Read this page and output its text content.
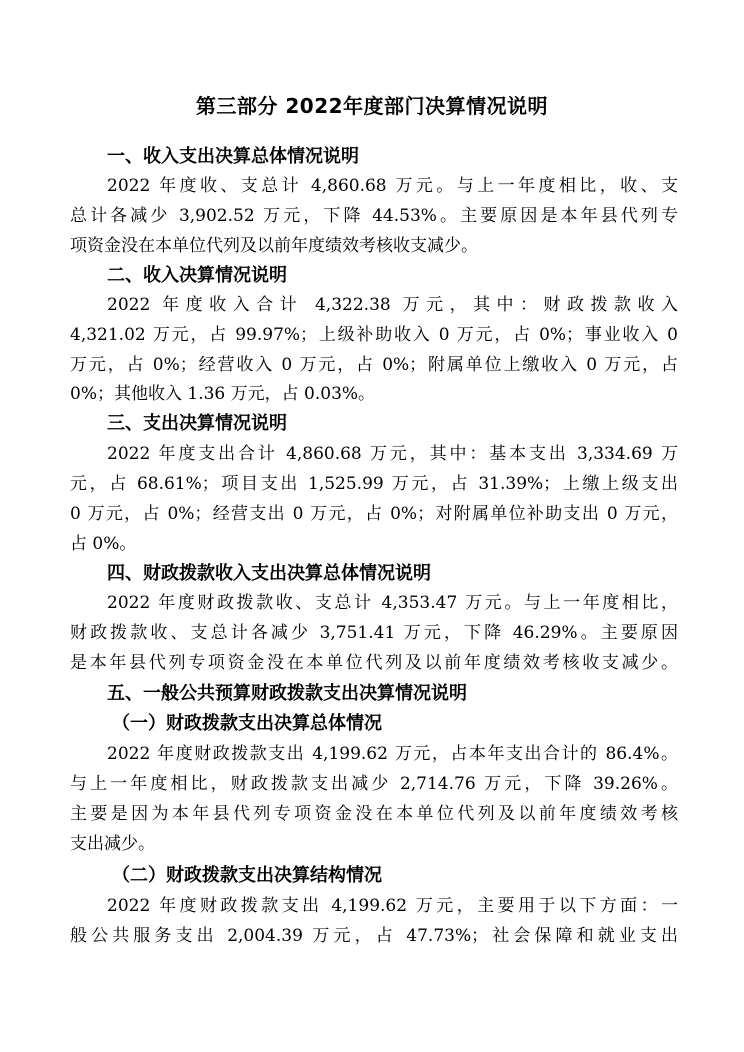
第三部分 2022年度部门决算情况说明
一、收入支出决算总体情况说明
2022 年度收、支总计 4,860.68 万元。与上一年度相比，收、支
总计各减少 3,902.52 万元，下降 44.53%。主要原因是本年县代列专
项资金没在本单位代列及以前年度绩效考核收支减少。
二、收入决算情况说明
2022 年度收入合计 4,322.38 万元，其中：财政拨款收入
4,321.02 万元，占 99.97%；上级补助收入 0 万元，占 0%；事业收入 0
万元，占 0%；经营收入 0 万元，占 0%；附属单位上缴收入 0 万元，占
0%；其他收入 1.36 万元，占 0.03%。
三、支出决算情况说明
2022 年度支出合计 4,860.68 万元，其中：基本支出 3,334.69 万
元，占 68.61%；项目支出 1,525.99 万元，占 31.39%；上缴上级支出
0 万元，占 0%；经营支出 0 万元，占 0%；对附属单位补助支出 0 万元，
占 0%。
四、财政拨款收入支出决算总体情况说明
2022 年度财政拨款收、支总计 4,353.47 万元。与上一年度相比，
财政拨款收、支总计各减少 3,751.41 万元，下降 46.29%。主要原因
是本年县代列专项资金没在本单位代列及以前年度绩效考核收支减少。
五、一般公共预算财政拨款支出决算情况说明
（一）财政拨款支出决算总体情况
2022 年度财政拨款支出 4,199.62 万元，占本年支出合计的 86.4%。
与上一年度相比，财政拨款支出减少 2,714.76 万元，下降 39.26%。
主要是因为本年县代列专项资金没在本单位代列及以前年度绩效考核
支出减少。
（二）财政拨款支出决算结构情况
2022 年度财政拨款支出 4,199.62 万元，主要用于以下方面：一
般公共服务支出 2,004.39 万元，占 47.73%；社会保障和就业支出
